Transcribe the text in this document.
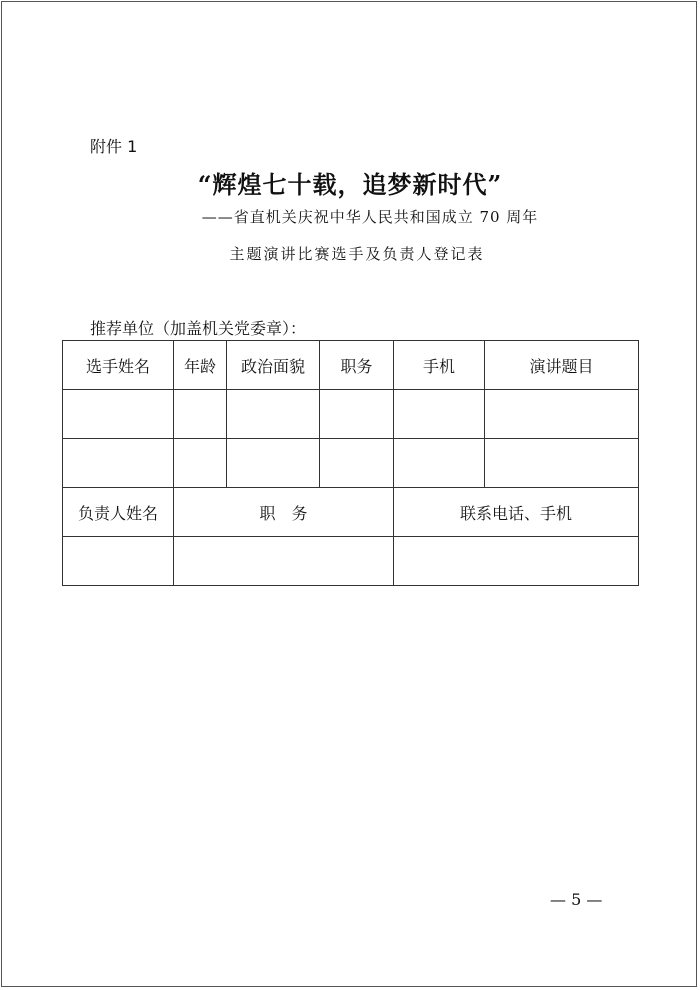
附件 1
“辉煌七十载，追梦新时代”
——省直机关庆祝中华人民共和国成立 70 周年
主题演讲比赛选手及负责人登记表
推荐单位（加盖机关党委章）：
选手姓名	年龄	政治面貌	职务	手机	演讲题目

负责人姓名	职　务			联系电话、手机	

— 5 —
